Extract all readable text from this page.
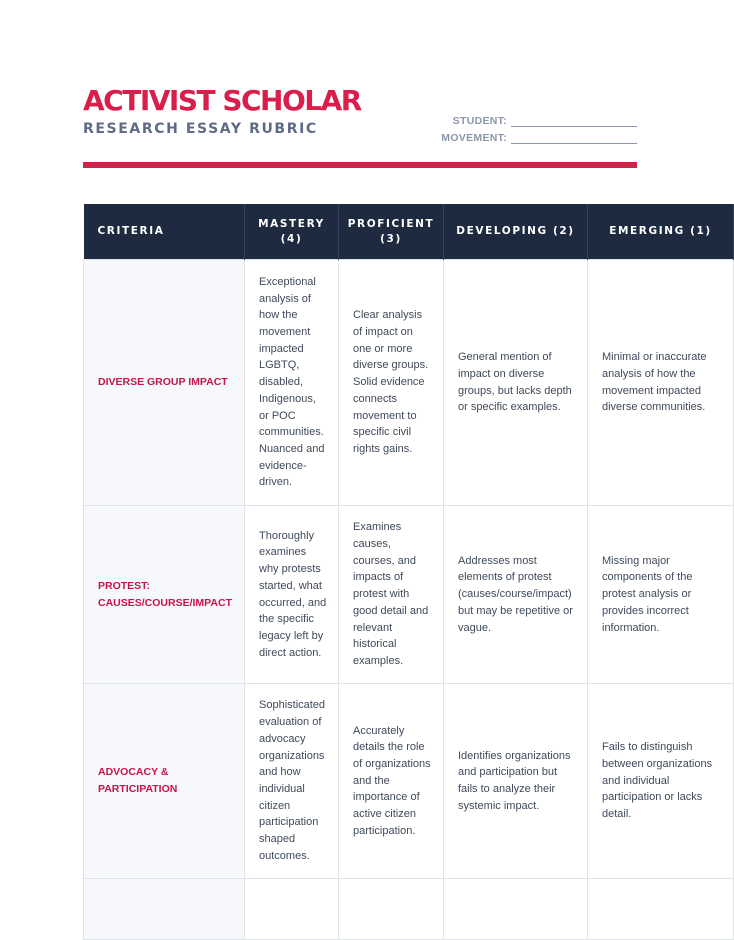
ACTIVIST SCHOLAR
RESEARCH ESSAY RUBRIC	STUDENT:
MOVEMENT:
CRITERIA	MASTERY (4)	PROFICIENT (3)	DEVELOPING (2)	EMERGING (1)
DIVERSE GROUP IMPACT	Exceptional analysis of how the movement impacted LGBTQ, disabled, Indigenous, or POC communities. Nuanced and evidence-driven.	Clear analysis of impact on one or more diverse groups. Solid evidence connects movement to specific civil rights gains.	General mention of impact on diverse groups, but lacks depth or specific examples.	Minimal or inaccurate analysis of how the movement impacted diverse communities.
PROTEST: CAUSES/COURSE/IMPACT	Thoroughly examines why protests started, what occurred, and the specific legacy left by direct action.	Examines causes, courses, and impacts of protest with good detail and relevant historical examples.	Addresses most elements of protest (causes/course/impact) but may be repetitive or vague.	Missing major components of the protest analysis or provides incorrect information.
ADVOCACY & PARTICIPATION	Sophisticated evaluation of advocacy organizations and how individual citizen participation shaped outcomes.	Accurately details the role of organizations and the importance of active citizen participation.	Identifies organizations and participation but fails to analyze their systemic impact.	Fails to distinguish between organizations and individual participation or lacks detail.
